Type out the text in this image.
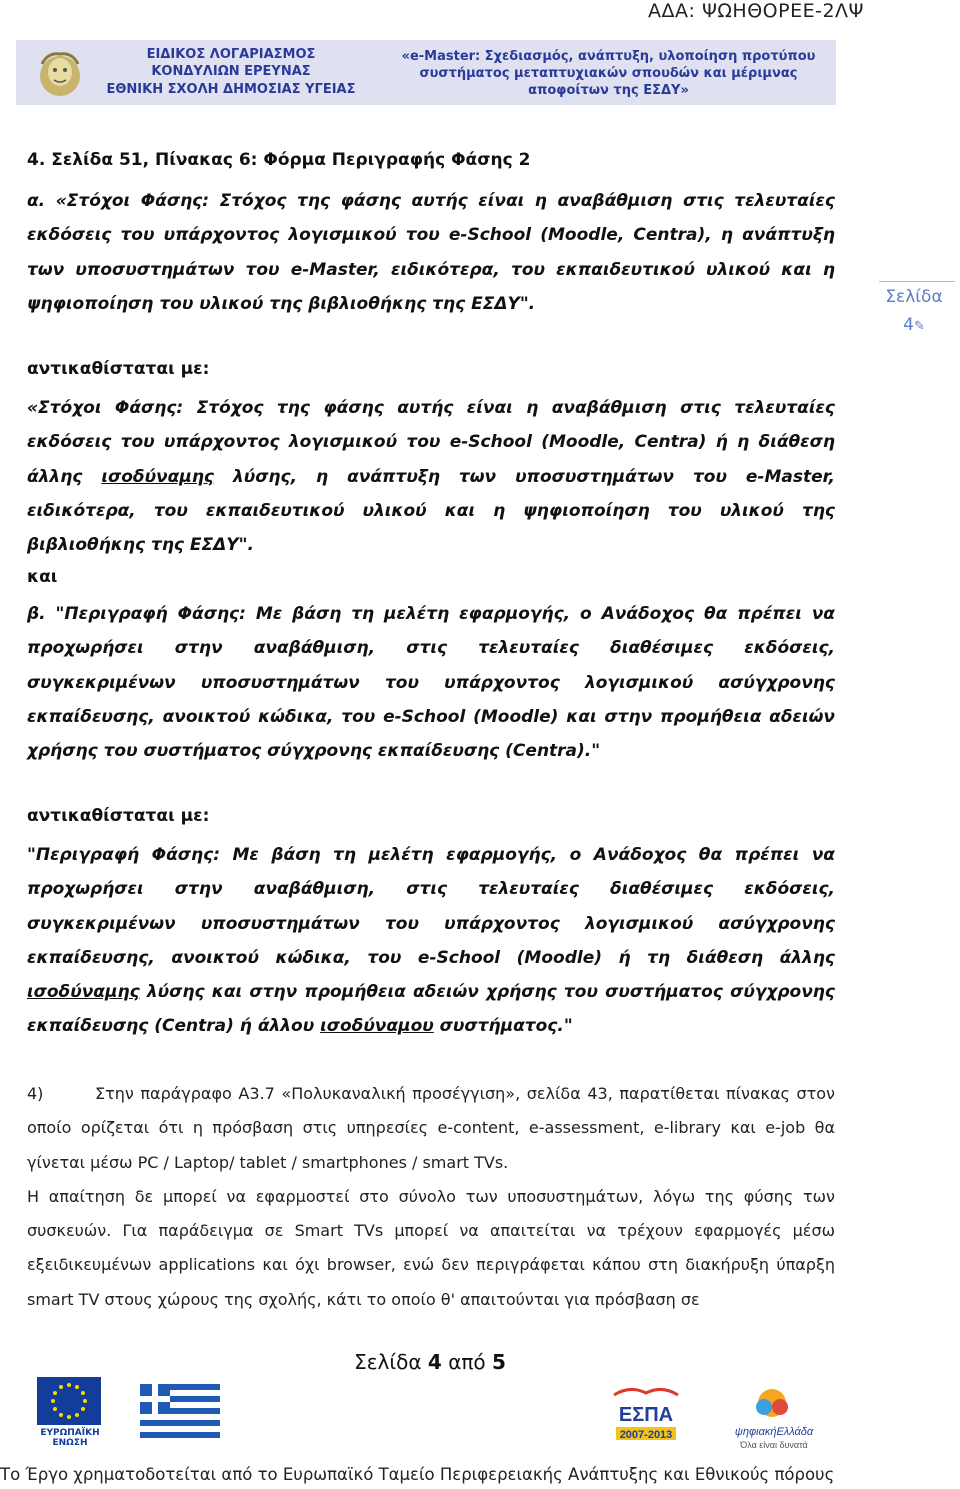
ΑΔΑ: ΨΩΗΘΟΡΕΕ-2ΛΨ
ΕΙΔΙΚΟΣ ΛΟΓΑΡΙΑΣΜΟΣ
ΚΟΝΔΥΛΙΩΝ ΕΡΕΥΝΑΣ
ΕΘΝΙΚΗ ΣΧΟΛΗ ΔΗΜΟΣΙΑΣ ΥΓΕΙΑΣ
«e-Master: Σχεδιασμός, ανάπτυξη, υλοποίηση προτύπου
συστήματος μεταπτυχιακών σπουδών και μέριμνας
αποφοίτων της ΕΣΔΥ»
Σελίδα
4✎
4. Σελίδα 51, Πίνακας 6: Φόρμα Περιγραφής Φάσης 2
α. «Στόχοι Φάσης: Στόχος της φάσης αυτής είναι η αναβάθμιση στις τελευταίες εκδόσεις του υπάρχοντος λογισμικού του e-School (Moodle, Centra), η ανάπτυξη των υποσυστημάτων του e-Master, ειδικότερα, του εκπαιδευτικού υλικού και η ψηφιοποίηση του υλικού της βιβλιοθήκης της ΕΣΔΥ".
αντικαθίσταται με:
«Στόχοι Φάσης: Στόχος της φάσης αυτής είναι η αναβάθμιση στις τελευταίες εκδόσεις του υπάρχοντος λογισμικού του e-School (Moodle, Centra) ή η διάθεση άλλης ισοδύναμης λύσης, η ανάπτυξη των υποσυστημάτων του e-Master, ειδικότερα, του εκπαιδευτικού υλικού και η ψηφιοποίηση του υλικού της βιβλιοθήκης της ΕΣΔΥ".
και
β. "Περιγραφή Φάσης: Με βάση τη μελέτη εφαρμογής, ο Ανάδοχος θα πρέπει να προχωρήσει στην αναβάθμιση, στις τελευταίες διαθέσιμες εκδόσεις, συγκεκριμένων υποσυστημάτων του υπάρχοντος λογισμικού ασύγχρονης εκπαίδευσης, ανοικτού κώδικα, του e-School (Moodle) και στην προμήθεια αδειών χρήσης του συστήματος σύγχρονης εκπαίδευσης (Centra)."
αντικαθίσταται με:
"Περιγραφή Φάσης: Με βάση τη μελέτη εφαρμογής, ο Ανάδοχος θα πρέπει να προχωρήσει στην αναβάθμιση, στις τελευταίες διαθέσιμες εκδόσεις, συγκεκριμένων υποσυστημάτων του υπάρχοντος λογισμικού ασύγχρονης εκπαίδευσης, ανοικτού κώδικα, του e-School (Moodle) ή τη διάθεση άλλης ισοδύναμης λύσης και στην προμήθεια αδειών χρήσης του συστήματος σύγχρονης εκπαίδευσης (Centra) ή άλλου ισοδύναμου συστήματος."
4)	Στην παράγραφο Α3.7 «Πολυκαναλική προσέγγιση», σελίδα 43, παρατίθεται πίνακας στον οποίο ορίζεται ότι η πρόσβαση στις υπηρεσίες e-content, e-assessment, e-library και e-job θα γίνεται μέσω PC / Laptop/ tablet / smartphones / smart TVs.
Η απαίτηση δε μπορεί να εφαρμοστεί στο σύνολο των υποσυστημάτων, λόγω της φύσης των συσκευών. Για παράδειγμα σε Smart TVs μπορεί να απαιτείται να τρέχουν εφαρμογές μέσω εξειδικευμένων applications και όχι browser, ενώ δεν περιγράφεται κάπου στη διακήρυξη ύπαρξη smart TV στους χώρους της σχολής, κάτι το οποίο θ' απαιτούνται για πρόσβαση σε
Σελίδα 4 από 5
ΕΥΡΩΠΑΪΚΗ ΕΝΩΣΗ
ΕΣΠΑ
2007-2013	ψηφιακήΕλλάδα
Όλα είναι δυνατά
Το Έργο χρηματοδοτείται από το Ευρωπαϊκό Ταμείο Περιφερειακής Ανάπτυξης και Εθνικούς πόρους
